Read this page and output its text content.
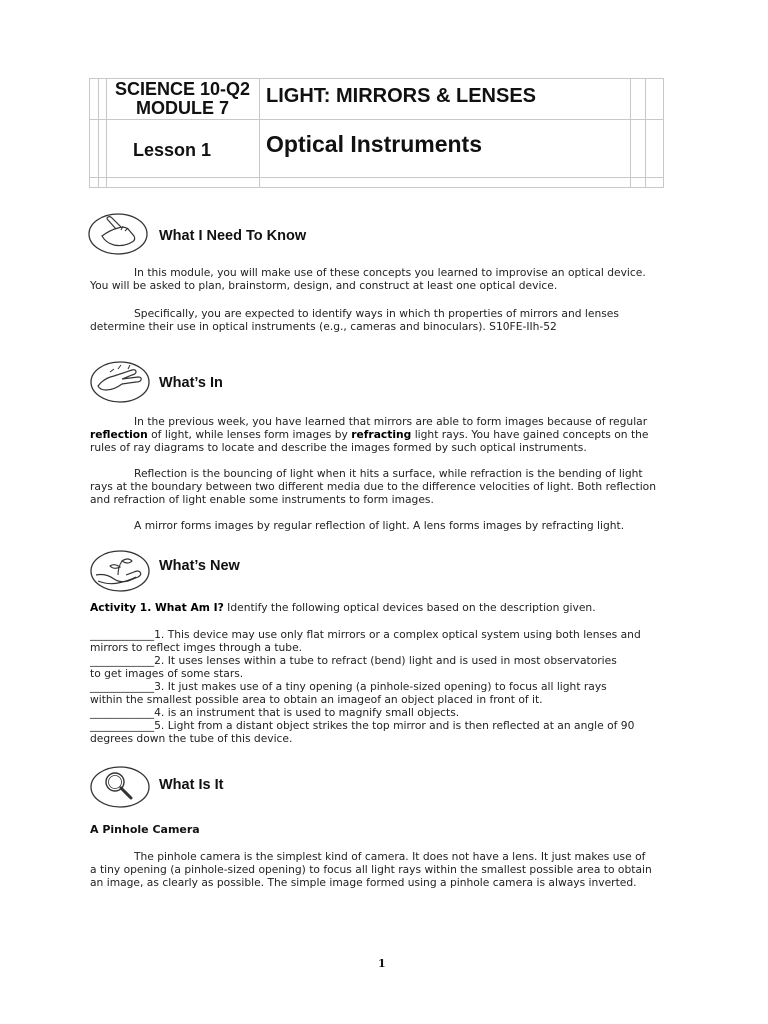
SCIENCE 10-Q2
MODULE 7
Lesson 1
LIGHT: MIRRORS & LENSES
Optical Instruments
What I Need To Know
In this module, you will make use of these concepts you learned to improvise an optical device.
You will be asked to plan, brainstorm, design, and construct at least one optical device.
Specifically, you are expected to identify ways in which th properties of mirrors and lenses
determine their use in optical instruments (e.g., cameras and binoculars). S10FE-IIh-52
What’s In
In the previous week, you have learned that mirrors are able to form images because of regular
reflection of light, while lenses form images by refracting light rays. You have gained concepts on the
rules of ray diagrams to locate and describe the images formed by such optical instruments.
Reflection is the bouncing of light when it hits a surface, while refraction is the bending of light
rays at the boundary between two different media due to the difference velocities of light. Both reflection
and refraction of light enable some instruments to form images.
A mirror forms images by regular reflection of light. A lens forms images by refracting light.
What’s New
Activity 1. What Am I? Identify the following optical devices based on the description given.
____________1. This device may use only flat mirrors or a complex optical system using both lenses and
mirrors to reflect imges through a tube.
____________2. It uses lenses within a tube to refract (bend) light and is used in most observatories
to get images of some stars.
____________3. It just makes use of a tiny opening (a pinhole-sized opening) to focus all light rays
within the smallest possible area to obtain an imageof an object placed in front of it.
____________4. is an instrument that is used to magnify small objects.
____________5. Light from a distant object strikes the top mirror and is then reflected at an angle of 90
degrees down the tube of this device.
What Is It
A Pinhole Camera
The pinhole camera is the simplest kind of camera. It does not have a lens. It just makes use of
a tiny opening (a pinhole-sized opening) to focus all light rays within the smallest possible area to obtain
an image, as clearly as possible. The simple image formed using a pinhole camera is always inverted.
1
